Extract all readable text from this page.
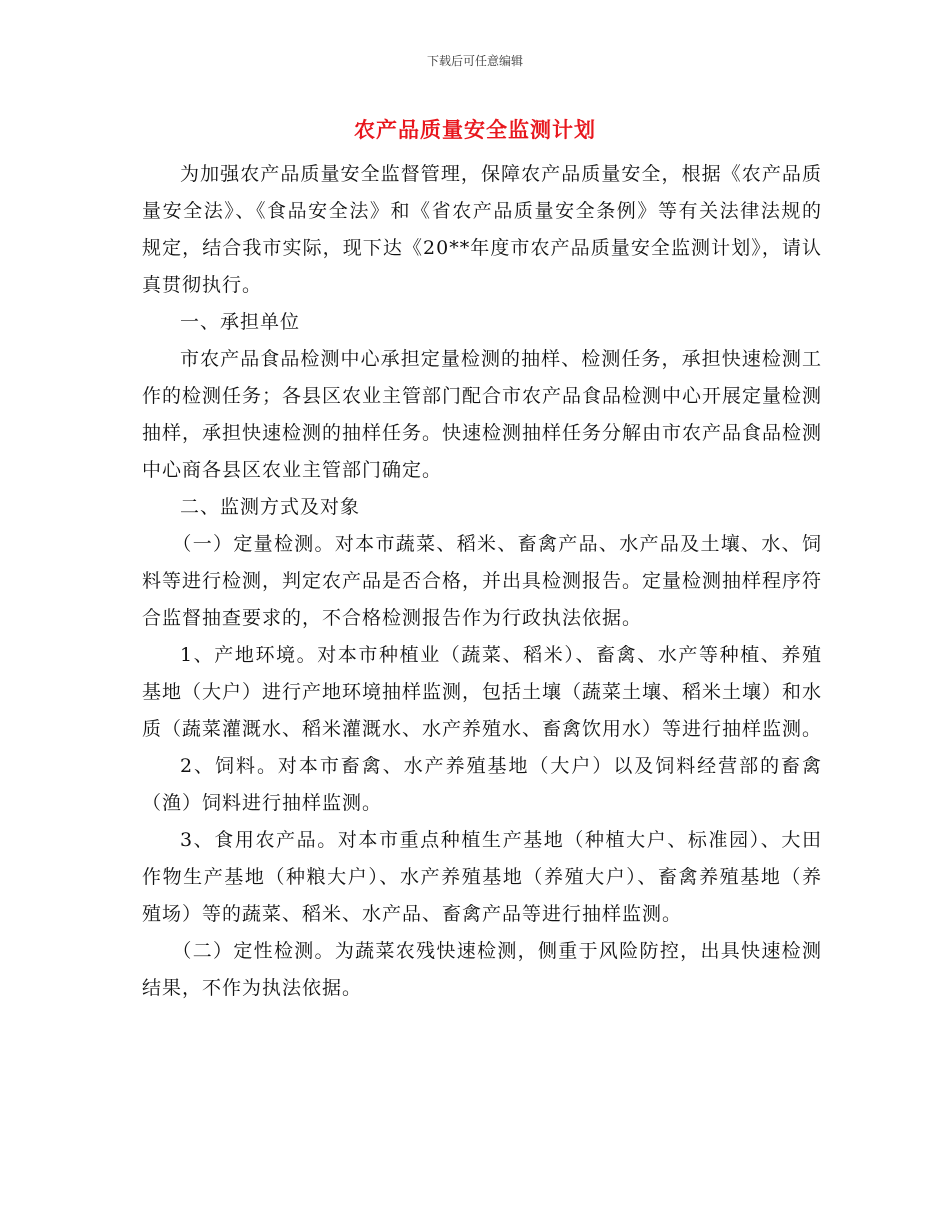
下载后可任意编辑
农产品质量安全监测计划

为加强农产品质量安全监督管理，保障农产品质量安全，根据《农产品质量安全法》、《食品安全法》和《省农产品质量安全条例》等有关法律法规的规定，结合我市实际，现下达《20**年度市农产品质量安全监测计划》，请认真贯彻执行。

一、承担单位

市农产品食品检测中心承担定量检测的抽样、检测任务，承担快速检测工作的检测任务；各县区农业主管部门配合市农产品食品检测中心开展定量检测抽样，承担快速检测的抽样任务。快速检测抽样任务分解由市农产品食品检测中心商各县区农业主管部门确定。

二、监测方式及对象

（一）定量检测。对本市蔬菜、稻米、畜禽产品、水产品及土壤、水、饲料等进行检测，判定农产品是否合格，并出具检测报告。定量检测抽样程序符合监督抽查要求的，不合格检测报告作为行政执法依据。

1、产地环境。对本市种植业（蔬菜、稻米）、畜禽、水产等种植、养殖基地（大户）进行产地环境抽样监测，包括土壤（蔬菜土壤、稻米土壤）和水质（蔬菜灌溉水、稻米灌溉水、水产养殖水、畜禽饮用水）等进行抽样监测。

2、饲料。对本市畜禽、水产养殖基地（大户）以及饲料经营部的畜禽（渔）饲料进行抽样监测。

3、食用农产品。对本市重点种植生产基地（种植大户、标准园）、大田作物生产基地（种粮大户）、水产养殖基地（养殖大户）、畜禽养殖基地（养殖场）等的蔬菜、稻米、水产品、畜禽产品等进行抽样监测。

（二）定性检测。为蔬菜农残快速检测，侧重于风险防控，出具快速检测结果，不作为执法依据。
